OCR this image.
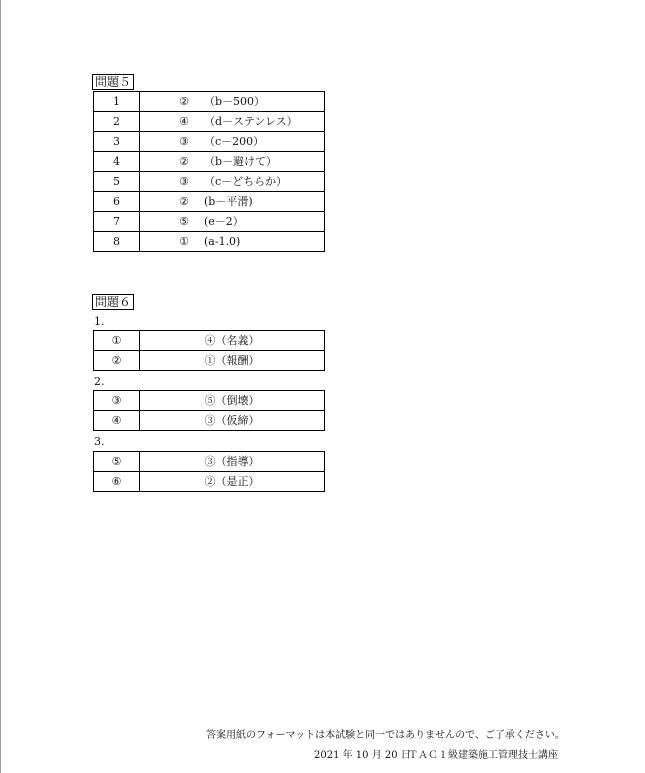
問題５
1	② （b－500）
2	④ （d－ステンレス）
3	③ （c－200）
4	② （b－避けて）
5	③ （c－どちらか）
6	② (b－平滑)
7	⑤ (e－2）
8	① (a-1.0)
問題６
1.
①	④（名義）
②	①（報酬）
2.
③	⑤（倒壊）
④	③（仮締）
3.
⑤	③（指導）
⑥	②（是正）
答案用紙のフォーマットは本試験と同一ではありませんので、ご了承ください。
2021 年 10 月 20 日
ＴＡＣ１級建築施工管理技士講座
